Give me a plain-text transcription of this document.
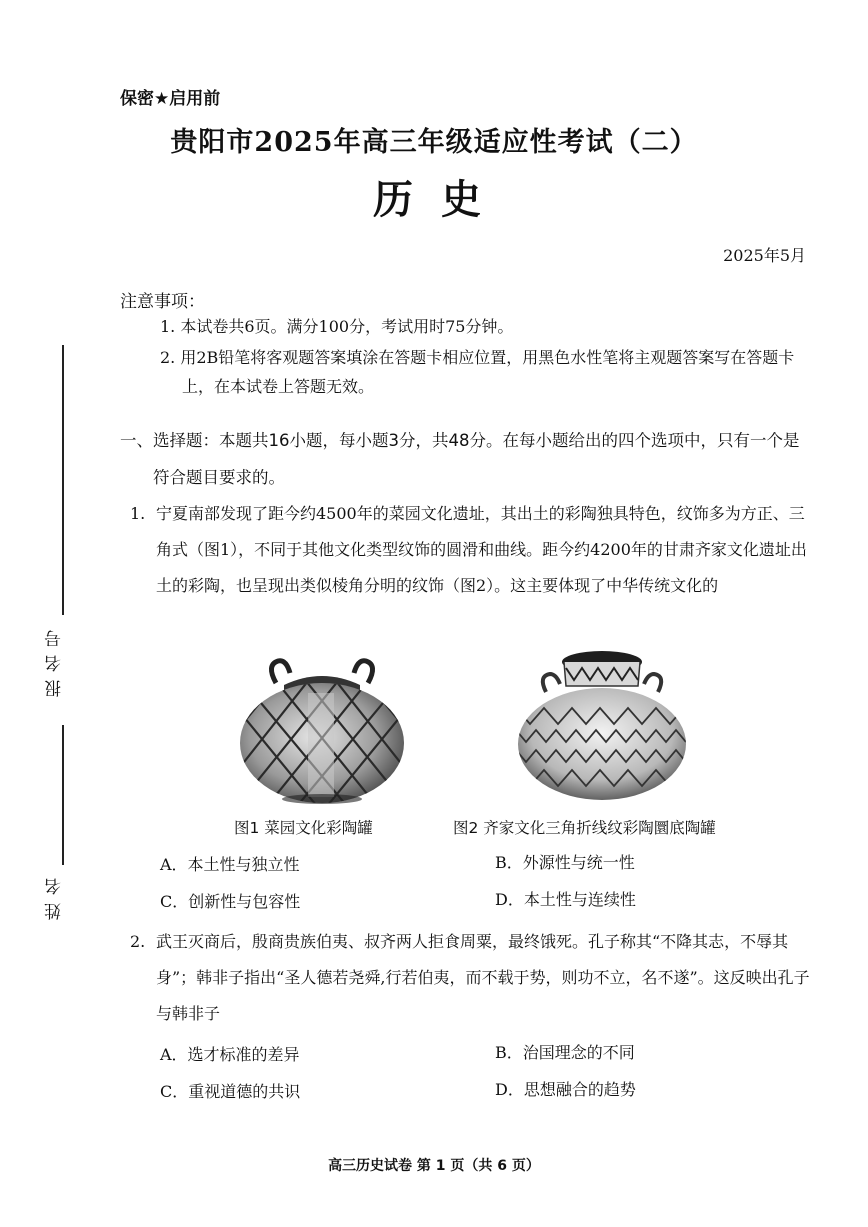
报名号
姓名
保密★启用前
贵阳市2025年高三年级适应性考试（二）
历史
2025年5月
注意事项：
1. 本试卷共6页。满分100分，考试用时75分钟。
2. 用2B铅笔将客观题答案填涂在答题卡相应位置，用黑色水性笔将主观题答案写在答题卡上，在本试卷上答题无效。
一、选择题：本题共16小题，每小题3分，共48分。在每小题给出的四个选项中，只有一个是符合题目要求的。
1. 宁夏南部发现了距今约4500年的菜园文化遗址，其出土的彩陶独具特色，纹饰多为方正、三角式（图1），不同于其他文化类型纹饰的圆滑和曲线。距今约4200年的甘肃齐家文化遗址出土的彩陶，也呈现出类似棱角分明的纹饰（图2）。这主要体现了中华传统文化的
图1 菜园文化彩陶罐	图2 齐家文化三角折线纹彩陶圜底陶罐
A．本土性与独立性	B．外源性与统一性
C．创新性与包容性	D．本土性与连续性
2. 武王灭商后，殷商贵族伯夷、叔齐两人拒食周粟，最终饿死。孔子称其“不降其志，不辱其身”；韩非子指出“圣人德若尧舜,行若伯夷，而不载于势，则功不立，名不遂”。这反映出孔子与韩非子
A．选才标准的差异	B．治国理念的不同
C．重视道德的共识	D．思想融合的趋势
高三历史试卷 第 1 页（共 6 页）
